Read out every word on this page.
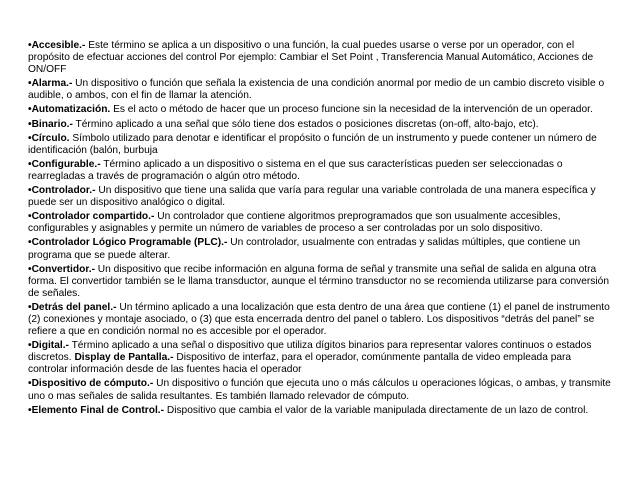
•Accesible.- Este término se aplica a un dispositivo o una función, la cual puedes usarse o verse por un operador, con el propósito de efectuar acciones del control Por ejemplo: Cambiar el Set Point , Transferencia Manual Automático, Acciones de ON/OFF

•Alarma.- Un dispositivo o función que señala la existencia de una condición anormal por medio de un cambio discreto visible o audible, o ambos, con el fin de llamar la atención.

•Automatización. Es el acto o método de hacer que un proceso funcione sin la necesidad de la intervención de un operador.

•Binario.- Término aplicado a una señal que sólo tiene dos estados o posiciones discretas (on-off, alto-bajo, etc).

•Círculo. Símbolo utilizado para denotar e identificar el propósito o función de un instrumento y puede contener un número de identificación (balón, burbuja

•Configurable.- Término aplicado a un dispositivo o sistema en el que sus características pueden ser seleccionadas o rearregladas a través de programación o algún otro método.

•Controlador.- Un dispositivo que tiene una salida que varía para regular una variable controlada de una manera específica y puede ser un dispositivo analógico o digital.

•Controlador compartido.- Un controlador que contiene algoritmos preprogramados que son usualmente accesibles, configurables y asignables y permite un número de variables de proceso a ser controladas por un solo dispositivo.

•Controlador Lógico Programable (PLC).- Un controlador, usualmente con entradas y salidas múltiples, que contiene un programa que se puede alterar.

•Convertidor.- Un dispositivo que recibe información en alguna forma de señal y transmite una señal de salida en alguna otra forma. El convertidor también se le llama transductor, aunque el término transductor no se recomienda utilizarse para conversión de señales.

•Detrás del panel.- Un término aplicado a una localización que esta dentro de una área que contiene (1) el panel de instrumento (2) conexiones y montaje asociado, o (3) que esta encerrada dentro del panel o tablero. Los dispositivos “detrás del panel” se refiere a que en condición normal no es accesible por el operador.

•Digital.- Término aplicado a una señal o dispositivo que utiliza dígitos binarios para representar valores continuos o estados discretos. Display de Pantalla.- Dispositivo de interfaz, para el operador, comúnmente pantalla de video empleada para controlar información desde de las fuentes hacia el operador

•Dispositivo de cómputo.- Un dispositivo o función que ejecuta uno o más cálculos u operaciones lógicas, o ambas, y transmite uno o mas señales de salida resultantes. Es también llamado relevador de cómputo.

•Elemento Final de Control.- Dispositivo que cambia el valor de la variable manipulada directamente de un lazo de control.
